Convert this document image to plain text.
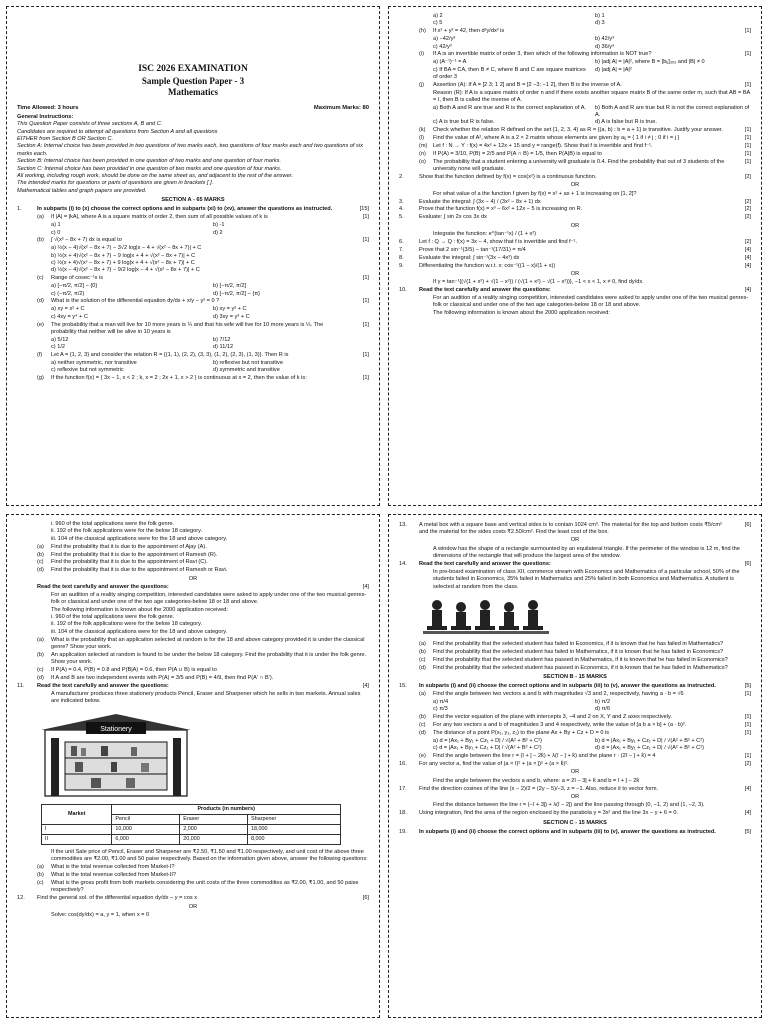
ISC 2026 EXAMINATION
Sample Question Paper - 3
Mathematics
Time Allowed: 3 hours	Maximum Marks: 80
General Instructions:

This Question Paper consists of three sections A, B and C.

Candidates are required to attempt all questions from Section A and all questions

EITHER from Section B OR Section C.

Section A: Internal choice has been provided in two questions of two marks each, two questions of four marks each and two questions of six marks each.

Section B: Internal choice has been provided in one question of two marks and one question of four marks.

Section C: Internal choice has been provided in one question of two marks and one question of four marks.

All working, including rough work, should be done on the same sheet as, and adjacent to the rest of the answer.

The intended marks for questions or parts of questions are given in brackets [ ].

Mathematical tables and graph papers are provided.

SECTION A - 65 MARKS
1.	In subparts (i) to (x) choose the correct options and in subparts (xi) to (xv), answer the questions as instructed.	[15]
(a)	If |A| = |kA|, where A is a square matrix of order 2, then sum of all possible values of k is	[1]
a) 1	b) -1
c) 0	d) 2
(b)	∫ √(x² − 8x + 7) dx is equal to	[1]
a) ½(x − 4)√(x² − 8x + 7) − 3√2 log|x − 4 + √(x² − 8x + 7)| + C
b) ½(x + 4)√(x² − 8x + 7) − 9 log|x + 4 + √(x² − 8x + 7)| + C
c) ½(x + 4)√(x² − 8x + 7) + 9 log|x + 4 + √(x² − 8x + 7)| + C
d) ½(x − 4)√(x² − 8x + 7) − 9/2 log|x − 4 + √(x² − 8x + 7)| + C
(c)	Range of cosec⁻¹x is	[1]
a) [−π/2, π/2] − {0}	b) [−π/2, π/2]
c) (−π/2, π/2)	d) [−π/2, π/2] − {π}
(d)	What is the solution of the differential equation dy/dx + x/y − y² = 0 ?	[1]
a) xy = x² + C	b) xy = y² + C
c) 4xy = y⁴ + C	d) 3xy = y³ + C
(e)	The probability that a man will live for 10 more years is ¼ and that his wife will live for 10 more years is ⅓. The probability that neither will be alive in 10 years is
[1]
a) 5/12	b) 7/12
c) 1/2	d) 11/12
(f)	Let A = {1, 2, 3} and consider the relation R = {(1, 1), (2, 2), (3, 3), (1, 2), (2, 3), (1, 3)}. Then R is	[1]
a) neither symmetric, nor transitive	b) reflexive but not transitive
c) reflexive but not symmetric	d) symmetric and transitive
(g)	If the function f(x) = { 3x − 1, x < 2 ; k, x = 2 ; 2x + 1, x > 2 } is continuous at x = 2, then the value of k is:	[1]
a) 2	b) 1
c) 5	d) 3
(h)	If x² + y² = 42, then d²y/dx² is	[1]
a) −42/y³	b) 42/y³
c) 42/y³	d) 36/y³
(i)	If A is an invertible matrix of order 3, then which of the following information is NOT true?	[1]
a) (A⁻¹)⁻¹ = A	b) |adj A| = |A|², where B = [bᵢⱼ]₃ₓ₃ and |B| ≠ 0
c) If BA = CA, then B ≠ C, where B and C are square matrices of order 3
d) |adj A| = |A|²
(j)	Assertion (A): If A = [2 3; 1 2] and B = [2 −3; −1 2], then B is the inverse of A.	[1]
Reason (R): If A is a square matrix of order n and if there exists another square matrix B of the same order m, such that AB = BA = I, then B is called the inverse of A.
a) Both A and R are true and R is the correct explanation of A.	b) Both A and R are true but R is not the correct explanation of A.
c) A is true but R is false.	d) A is false but R is true.
(k)	Check whether the relation R defined on the set {1, 2, 3, 4} as R = {(a, b) : b = a + 1} is transitive. Justify your answer.	[1]
(l)	Find the value of A², where A is a 2 × 2 matrix whose elements are given by aᵢⱼ = { 1 if i ≠ j ; 0 if i = j }	[1]
(m)	Let f : N → Y : f(x) = 4x² + 12x + 15 and y = range(f). Show that f is invertible and find f⁻¹.	[1]
(n)	If P(A) = 3/10, P(B) = 2/5 and P(A ∩ B) = 1/5, then P(A|B) is equal to	[1]
(o)	The probability that a student entering a university will graduate is 0.4. Find the probability that out of 3 students of the university none will graduate.
[1]
2.	Show that the function defined by f(x) = cos(x²) is a continuous function.	[2]
OR
For what value of a the function f given by f(x) = x² + ax + 1 is increasing on [1, 2]?
3.	Evaluate the integral: ∫ (3x − 4) / (3x² − 8x + 1) dx	[2]
4.	Prove that the function f(x) = x³ − 6x² + 12x − 5 is increasing on R.	[2]
5.	Evaluate: ∫ sin 2x cos 3x dx	[2]
OR
Integrate the function: e^(tan⁻¹x) / (1 + x²)
6.	Let f : Q → Q : f(x) = 3x − 4, show that f is invertible and find f⁻¹.	[2]
7.	Prove that 2 sin⁻¹(3/5) − tan⁻¹(17/31) = π/4	[4]
8.	Evaluate the integral: ∫ sin⁻¹(3x − 4x³) dx	[4]
9.	Differentiating the function w.r.t. x: cos⁻¹((1 − x)/(1 + x))	[4]
OR
If y = tan⁻¹{(√(1 + x²) + √(1 − x²)) / (√(1 + x²) − √(1 − x²))}, −1 < x < 1, x ≠ 0, find dy/dx.
10.	Read the text carefully and answer the questions:	[4]
For an audition of a reality singing competition, interested candidates were asked to apply under one of the two musical genres-folk or classical and under one of the two age categories-below 18 or 18 and above.
The following information is known about the 2000 application received:
i. 960 of the total applications were the folk genre.
ii. 192 of the folk applications were for the below 18 category.
iii. 104 of the classical applications were for the 18 and above category.
(a)	Find the probability that it is due to the appointment of Ajay (A).
(b)	Find the probability that it is due to the appointment of Ramesh (R).
(c)	Find the probability that it is due to the appointment of Ravi (C).
(d)	Find the probability that it is due to the appointment of Ramesh or Ravi.
OR
Read the text carefully and answer the questions:	[4]
For an audition of a reality singing competition, interested candidates were asked to apply under one of the two musical genres-folk or classical and under one of the two age categories-below 18 or 18 and above.
The following information is known about the 2000 application received:
i. 960 of the total applications were the folk genre.
ii. 192 of the folk applications were for the below 18 category.
iii. 104 of the classical applications were for the 18 and above category.
(a)	What is the probability that an application selected at random is for the 18 and above category provided it is under the classical genre? Show your work.
(b)	An application selected at random is found to be under the below 18 category. Find the probability that it is under the folk genre. Show your work.
(c)	If P(A) = 0.4, P(B) = 0.8 and P(B|A) = 0.6, then P(A ∪ B) is equal to
(d)	If A and B are two independent events with P(A) = 3/5 and P(B) = 4/9, then find P(A' ∩ B').
11.	Read the text carefully and answer the questions:	[4]
A manufacturer produces three stationery products Pencil, Eraser and Sharpener which he sells in two markets. Annual sales are indicated below.
Stationery
Market	Products (in numbers)		
	Pencil	Eraser	Sharpener
I	10,000	2,000	18,000
II	6,000	20,000	8,000
If the unit Sale price of Pencil, Eraser and Sharpener are ₹2.50, ₹1.50 and ₹1.00 respectively, and unit cost of the above three commodities are ₹2.00, ₹1.00 and 50 paise respectively. Based on the information given above, answer the following questions:
(a)	What is the total revenue collected from Market-I?
(b)	What is the total revenue collected from Market-II?
(c)	What is the gross profit from both markets considering the unit costs of the three commodities as ₹2.00, ₹1.00, and 50 paise respectively?
12.	Find the general sol. of the differential equation dy/dx − y = cos x	[6]
OR
Solve: cos(dy/dx) = a, y = 1, when x = 0
13.	A metal box with a square base and vertical sides is to contain 1024 cm³. The material for the top and bottom costs ₹5/cm² and the material for the sides costs ₹2.50/cm². Find the least cost of the box.
[6]
OR
A window has the shape of a rectangle surmounted by an equilateral triangle. If the perimeter of the window is 12 m, find the dimensions of the rectangle that will produce the largest area of the window.
14.	Read the text carefully and answer the questions:	[6]
In pre-board examination of class XII, commerce stream with Economics and Mathematics of a particular school, 50% of the students failed in Economics, 35% failed in Mathematics and 25% failed in both Economics and Mathematics. A student is selected at random from the class.
(a)	Find the probability that the selected student has failed in Economics, if it is known that he has failed in Mathematics?
(b)	Find the probability that the selected student has failed in Mathematics, if it is known that he has failed in Economics?
(c)	Find the probability that the selected student has passed in Mathematics, if it is known that he has failed in Economics?
(d)	Find the probability that the selected student has passed in Economics, if it is known that he has failed in Mathematics?
SECTION B - 15 MARKS
15.	In subparts (i) and (ii) choose the correct options and in subparts (iii) to (v), answer the questions as instructed.	[5]
(a)	Find the angle between two vectors a and b with magnitudes √3 and 2, respectively, having a · b = √6	[1]
a) π/4	b) π/2
c) π/3	d) π/6
(b)	Find the vector equation of the plane with intercepts 3, −4 and 2 on X, Y and Z axes respectively.	[1]
(c)	For any two vectors a and b of magnitudes 3 and 4 respectively, write the value of [a b a × b] + (a · b)².	[1]
(d)	The distance of a point P(x₁, y₁, z₁) to the plane Ax + By + Cz + D = 0 is	[1]
a) d = |Ax₁ + By₁ + Cz₁ + D| / √(A² + B² + C²)	b) d = |Ax₁ + By₁ + Cz₁ + D| / √(A² + B² + C²)
c) d = |Ax₁ + By₁ + Cz₁ + D| / √(A² + B² + C²)	d) d = |Ax₁ + By₁ + Cz₁ + D| / √(A² + B² + C²)
(e)	Find the angle between the line r = (î + ĵ − 2k̂) + λ(î − ĵ + k̂) and the plane r · (2î − ĵ + k̂) = 4	[1]
16.	For any vector a, find the value of (a × î)² + (a × ĵ)² + (a × k̂)².	[2]
OR
Find the angle between the vectors a and b, where: a = 2î − 3ĵ + k̂ and b = î + ĵ − 2k̂
17.	Find the direction cosines of the line (x − 2)/2 = (2y − 5)/−3, z = −1. Also, reduce it to vector form.	[4]
OR
Find the distance between the line r = (−î + 3ĵ) + λ(î − 2ĵ) and the line passing through (0, −1, 2) and (1, −2, 3).
18.	Using integration, find the area of the region enclosed by the parabola y = 3x² and the line 3x − y + 6 = 0.	[4]
SECTION C - 15 MARKS
19.	In subparts (i) and (ii) choose the correct options and in subparts (iii) to (v), answer the questions as instructed.	[5]
